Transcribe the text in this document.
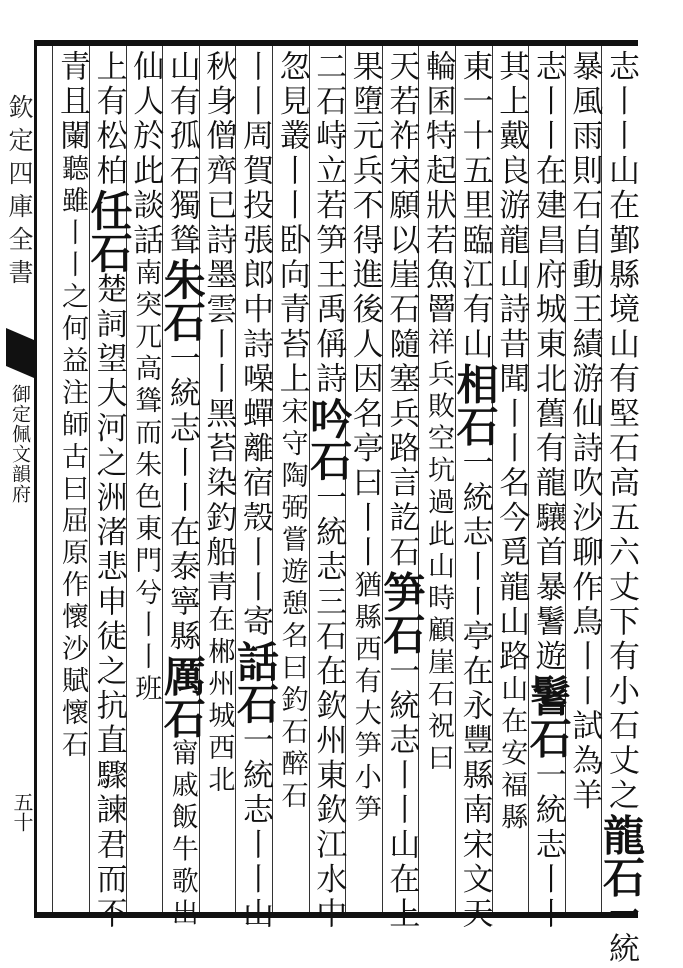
欽定四庫全書
御定佩文韻府
五十
志丨丨山在鄞縣境山有堅石高五六丈下有小石丈之龍石一統
暴風雨則石自動王績游仙詩吹沙聊作鳥丨丨試為羊
志丨丨在建昌府城東北舊有龍驤首暴鬐遊鬐石一統志丨丨
其上戴良游龍山詩昔聞丨丨名今覓龍山路山在安福縣
東一十五里臨江有山相石一統志丨丨亭在永豐縣南宋文天
輪囷特起狀若魚罾祥兵敗空坑過此山時顧崖石祝曰
天若祚宋願以崖石隨塞兵路言訖石笋石一統志丨丨山在上
果墮元兵不得進後人因名亭曰丨丨猶縣西有大笋小笋
二石峙立若笋王禹偁詩吟石一統志三石在欽州東欽江水中
忽見叢丨丨卧向青苔上宋守陶弼嘗遊憩名曰釣石醉石
丨丨周賀投張郎中詩噪蟬離宿殼丨丨寄話石一統志丨丨山
秋身僧齊已詩墨雲丨丨黑苔染釣船青在郴州城西北
山有孤石獨聳朱石一統志丨丨在泰寧縣厲石甯戚飯牛歌出
仙人於此談話南突兀高聳而朱色東門兮丨丨班
上有松柏任石楚詞望大河之洲渚悲申徒之抗直驟諫君而不
青且闌聽雖丨丨之何益注師古曰屈原作懷沙賦懷石
